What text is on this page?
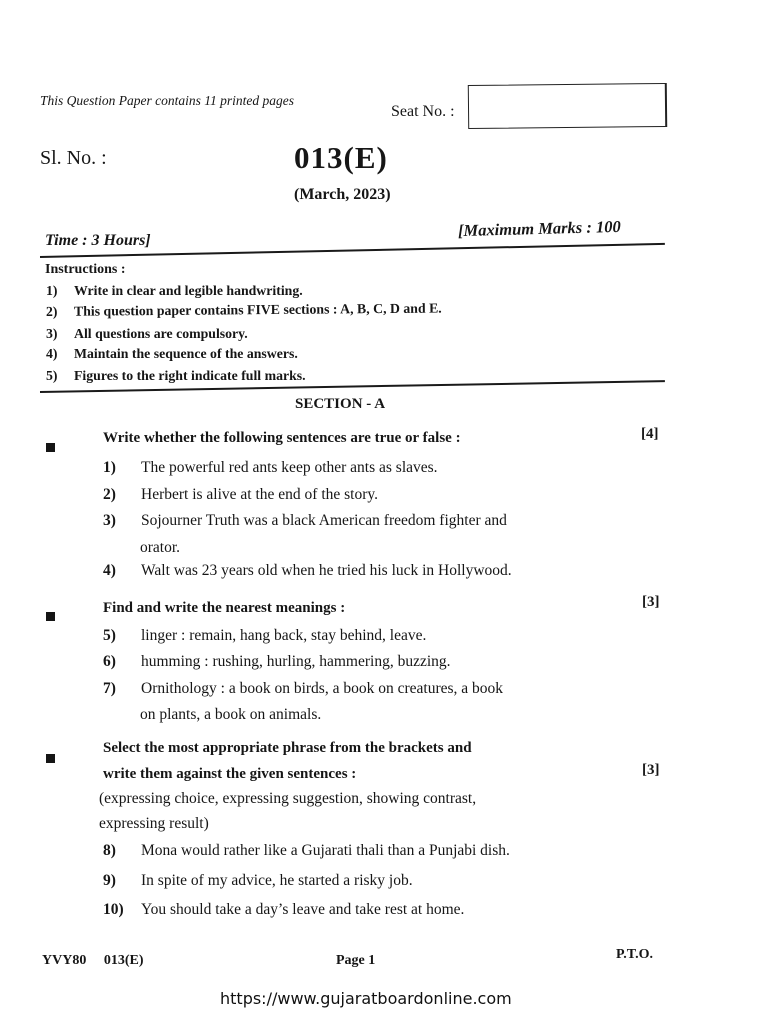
This Question Paper contains 11 printed pages
Seat No. :
Sl. No. :	013(E)
(March, 2023)
Time : 3 Hours]
[Maximum Marks : 100
Instructions :
1) Write in clear and legible handwriting.
2) This question paper contains FIVE sections : A, B, C, D and E.
3) All questions are compulsory.
4) Maintain the sequence of the answers.
5) Figures to the right indicate full marks.
SECTION - A
Write whether the following sentences are true or false :	[4]
1) The powerful red ants keep other ants as slaves.
2) Herbert is alive at the end of the story.
3) Sojourner Truth was a black American freedom fighter and
orator.
4) Walt was 23 years old when he tried his luck in Hollywood.
Find and write the nearest meanings :	[3]
5) linger : remain, hang back, stay behind, leave.
6) humming : rushing, hurling, hammering, buzzing.
7) Ornithology : a book on birds, a book on creatures, a book
on plants, a book on animals.
Select the most appropriate phrase from the brackets and
write them against the given sentences :	[3]
(expressing choice, expressing suggestion, showing contrast,
expressing result)
8) Mona would rather like a Gujarati thali than a Punjabi dish.
9) In spite of my advice, he started a risky job.
10) You should take a day’s leave and take rest at home.
YVY80     013(E)	Page 1	P.T.O.
https://www.gujaratboardonline.com
